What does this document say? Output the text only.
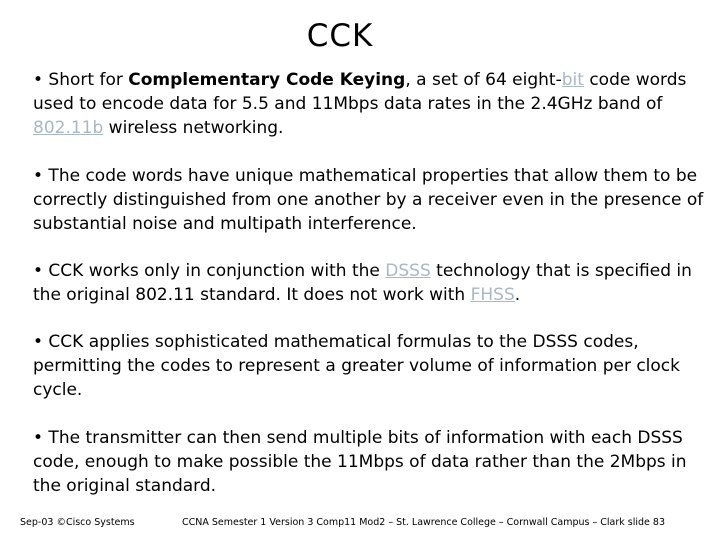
CCK

• Short for Complementary Code Keying, a set of 64 eight-bit code words used to encode data for 5.5 and 11Mbps data rates in the 2.4GHz band of 802.11b wireless networking.

• The code words have unique mathematical properties that allow them to be correctly distinguished from one another by a receiver even in the presence of substantial noise and multipath interference.

• CCK works only in conjunction with the DSSS technology that is specified in the original 802.11 standard. It does not work with FHSS.

• CCK applies sophisticated mathematical formulas to the DSSS codes, permitting the codes to represent a greater volume of information per clock cycle.

• The transmitter can then send multiple bits of information with each DSSS code, enough to make possible the 11Mbps of data rather than the 2Mbps in the original standard.

Sep-03 ©Cisco Systems	CCNA Semester 1 Version 3 Comp11 Mod2 – St. Lawrence College – Cornwall Campus – Clark slide 83
